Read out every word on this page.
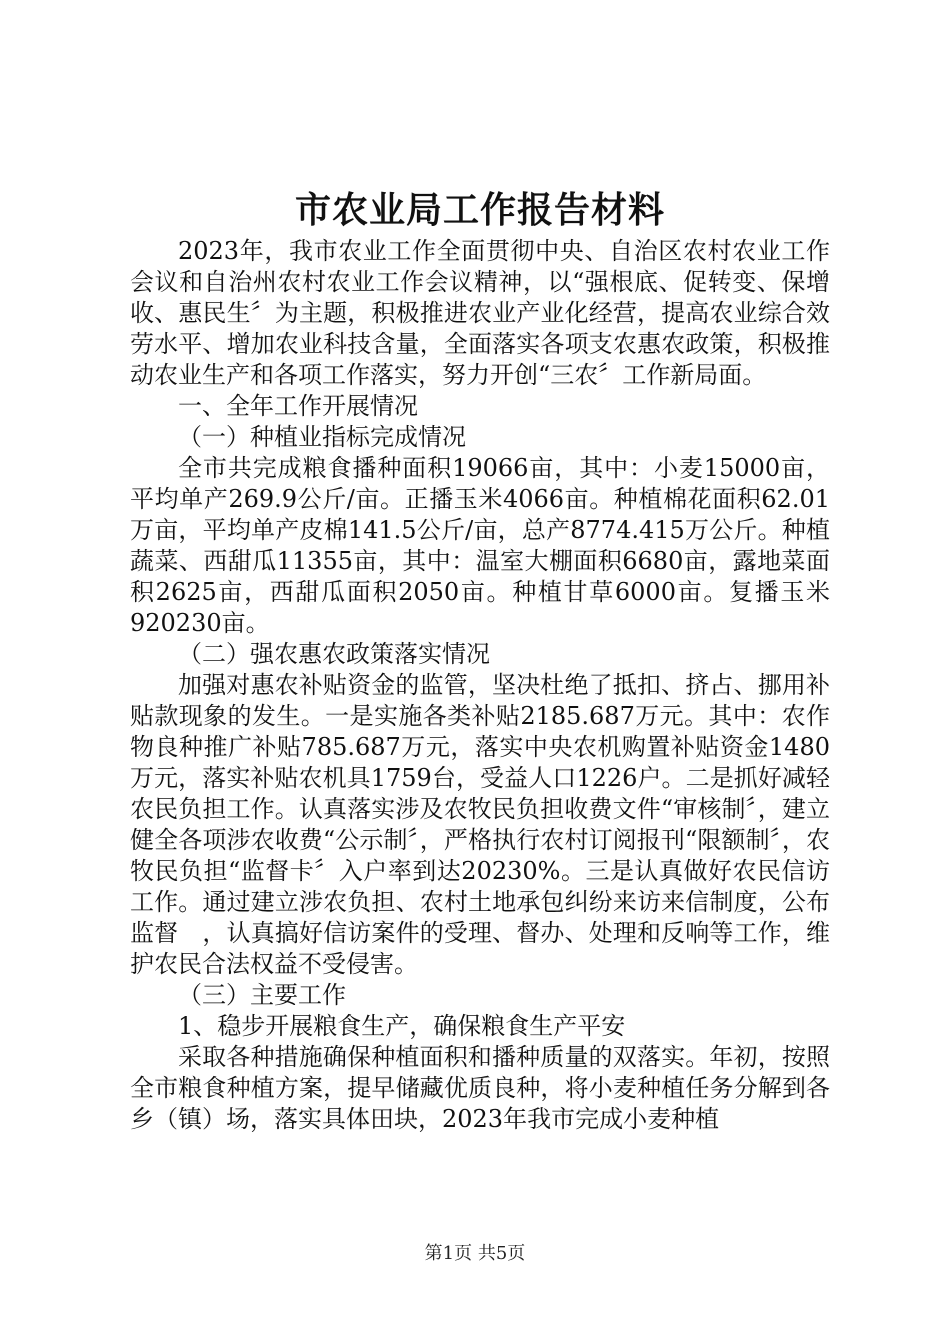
市农业局工作报告材料

2023年，我市农业工作全面贯彻中央、自治区农村农业工作会议和自治州农村农业工作会议精神，以“强根底、促转变、保增收、惠民生〞为主题，积极推进农业产业化经营，提高农业综合效劳水平、增加农业科技含量，全面落实各项支农惠农政策，积极推动农业生产和各项工作落实，努力开创“三农〞工作新局面。

一、全年工作开展情况

（一）种植业指标完成情况

全市共完成粮食播种面积19066亩，其中：小麦15000亩，平均单产269.9公斤/亩。正播玉米4066亩。种植棉花面积62.01万亩，平均单产皮棉141.5公斤/亩，总产8774.415万公斤。种植蔬菜、西甜瓜11355亩，其中：温室大棚面积6680亩，露地菜面积2625亩，西甜瓜面积2050亩。种植甘草6000亩。复播玉米920230亩。

（二）强农惠农政策落实情况

加强对惠农补贴资金的监管，坚决杜绝了抵扣、挤占、挪用补贴款现象的发生。一是实施各类补贴2185.687万元。其中：农作物良种推广补贴785.687万元，落实中央农机购置补贴资金1480万元，落实补贴农机具1759台，受益人口1226户。二是抓好减轻农民负担工作。认真落实涉及农牧民负担收费文件“审核制〞，建立健全各项涉农收费“公示制〞，严格执行农村订阅报刊“限额制〞，农牧民负担“监督卡〞入户率到达20230%。三是认真做好农民信访工作。通过建立涉农负担、农村土地承包纠纷来访来信制度，公布监督　，认真搞好信访案件的受理、督办、处理和反响等工作，维护农民合法权益不受侵害。

（三）主要工作

1、稳步开展粮食生产，确保粮食生产平安

采取各种措施确保种植面积和播种质量的双落实。年初，按照全市粮食种植方案，提早储藏优质良种，将小麦种植任务分解到各乡（镇）场，落实具体田块，2023年我市完成小麦种植

第1页 共5页
